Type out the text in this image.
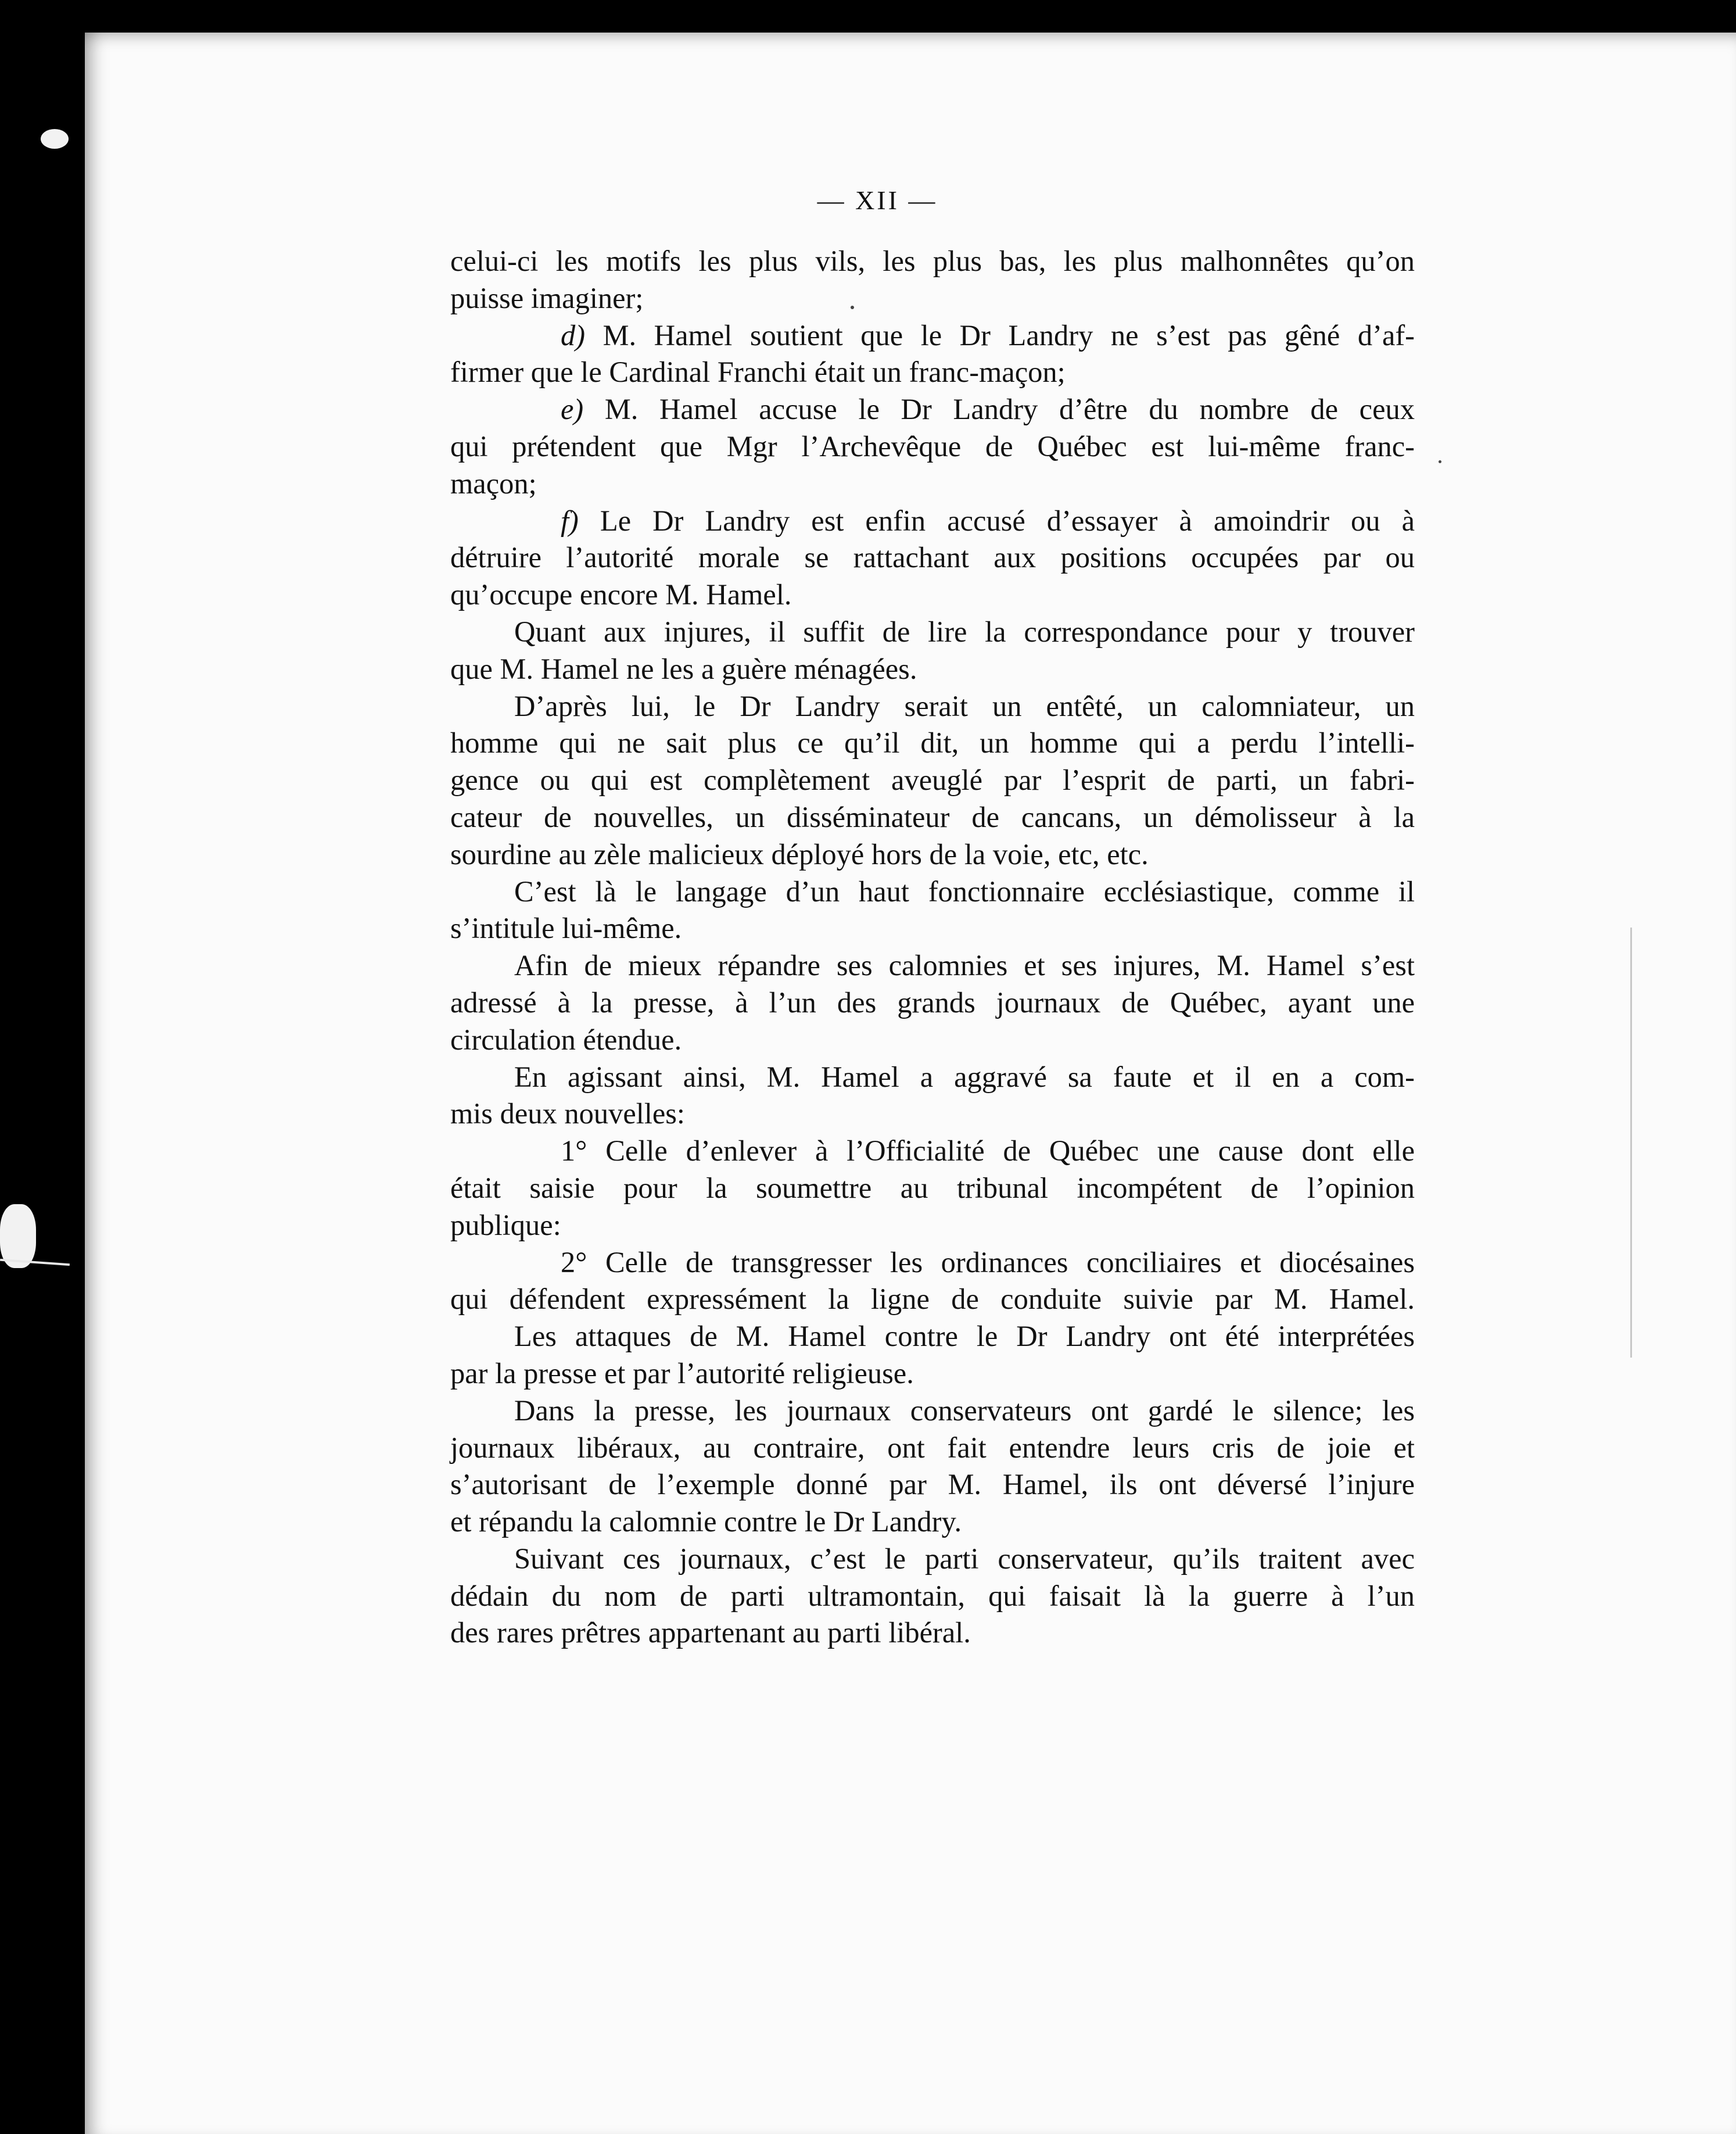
— XII —
celui-ci les motifs les plus vils, les plus bas, les plus malhonnêtes qu’on
puisse imaginer;
d) M. Hamel soutient que le Dr Landry ne s’est pas gêné d’af-
firmer que le Cardinal Franchi était un franc-maçon;
e) M. Hamel accuse le Dr Landry d’être du nombre de ceux
qui prétendent que Mgr l’Archevêque de Québec est lui-même franc-
maçon;
f) Le Dr Landry est enfin accusé d’essayer à amoindrir ou à
détruire l’autorité morale se rattachant aux positions occupées par ou
qu’occupe encore M. Hamel.
Quant aux injures, il suffit de lire la correspondance pour y trouver
que M. Hamel ne les a guère ménagées.
D’après lui, le Dr Landry serait un entêté, un calomniateur, un
homme qui ne sait plus ce qu’il dit, un homme qui a perdu l’intelli-
gence ou qui est complètement aveuglé par l’esprit de parti, un fabri-
cateur de nouvelles, un disséminateur de cancans, un démolisseur à la
sourdine au zèle malicieux déployé hors de la voie, etc, etc.
C’est là le langage d’un haut fonctionnaire ecclésiastique, comme il
s’intitule lui-même.
Afin de mieux répandre ses calomnies et ses injures, M. Hamel s’est
adressé à la presse, à l’un des grands journaux de Québec, ayant une
circulation étendue.
En agissant ainsi, M. Hamel a aggravé sa faute et il en a com-
mis deux nouvelles:
1° Celle d’enlever à l’Officialité de Québec une cause dont elle
était saisie pour la soumettre au tribunal incompétent de l’opinion
publique:
2° Celle de transgresser les ordinances conciliaires et diocésaines
qui défendent expressément la ligne de conduite suivie par M. Hamel.
Les attaques de M. Hamel contre le Dr Landry ont été interprétées
par la presse et par l’autorité religieuse.
Dans la presse, les journaux conservateurs ont gardé le silence; les
journaux libéraux, au contraire, ont fait entendre leurs cris de joie et
s’autorisant de l’exemple donné par M. Hamel, ils ont déversé l’injure
et répandu la calomnie contre le Dr Landry.
Suivant ces journaux, c’est le parti conservateur, qu’ils traitent avec
dédain du nom de parti ultramontain, qui faisait là la guerre à l’un
des rares prêtres appartenant au parti libéral.
